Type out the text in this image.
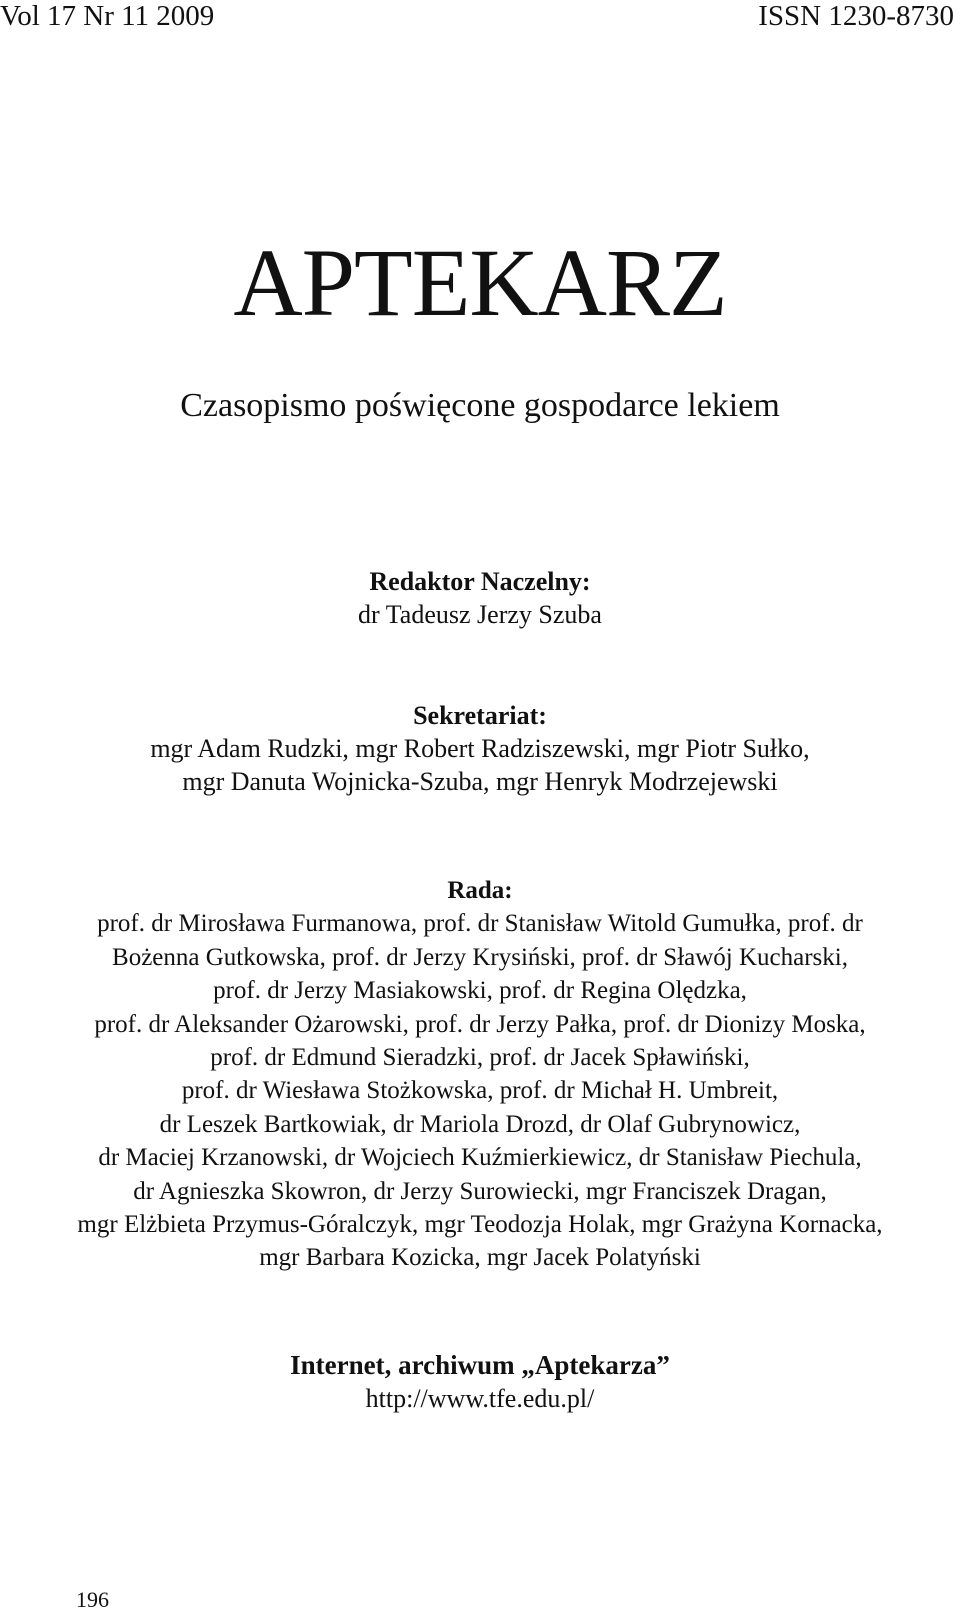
Vol 17 Nr 11 2009	ISSN 1230-8730
APTEKARZ
Czasopismo poświęcone gospodarce lekiem
Redaktor Naczelny:
dr Tadeusz Jerzy Szuba
Sekretariat:
mgr Adam Rudzki, mgr Robert Radziszewski, mgr Piotr Sułko,
mgr Danuta Wojnicka-Szuba, mgr Henryk Modrzejewski
Rada:
prof. dr Mirosława Furmanowa, prof. dr Stanisław Witold Gumułka, prof. dr
Bożenna Gutkowska, prof. dr Jerzy Krysiński, prof. dr Sławój Kucharski,
prof. dr Jerzy Masiakowski, prof. dr Regina Olędzka,
prof. dr Aleksander Ożarowski, prof. dr Jerzy Pałka, prof. dr Dionizy Moska,
prof. dr Edmund Sieradzki, prof. dr Jacek Spławiński,
prof. dr Wiesława Stożkowska, prof. dr Michał H. Umbreit,
dr Leszek Bartkowiak, dr Mariola Drozd, dr Olaf Gubrynowicz,
dr Maciej Krzanowski, dr Wojciech Kuźmierkiewicz, dr Stanisław Piechula,
dr Agnieszka Skowron, dr Jerzy Surowiecki, mgr Franciszek Dragan,
mgr Elżbieta Przymus-Góralczyk, mgr Teodozja Holak, mgr Grażyna Kornacka,
mgr Barbara Kozicka, mgr Jacek Polatyński
Internet, archiwum „Aptekarza”
http://www.tfe.edu.pl/
196
